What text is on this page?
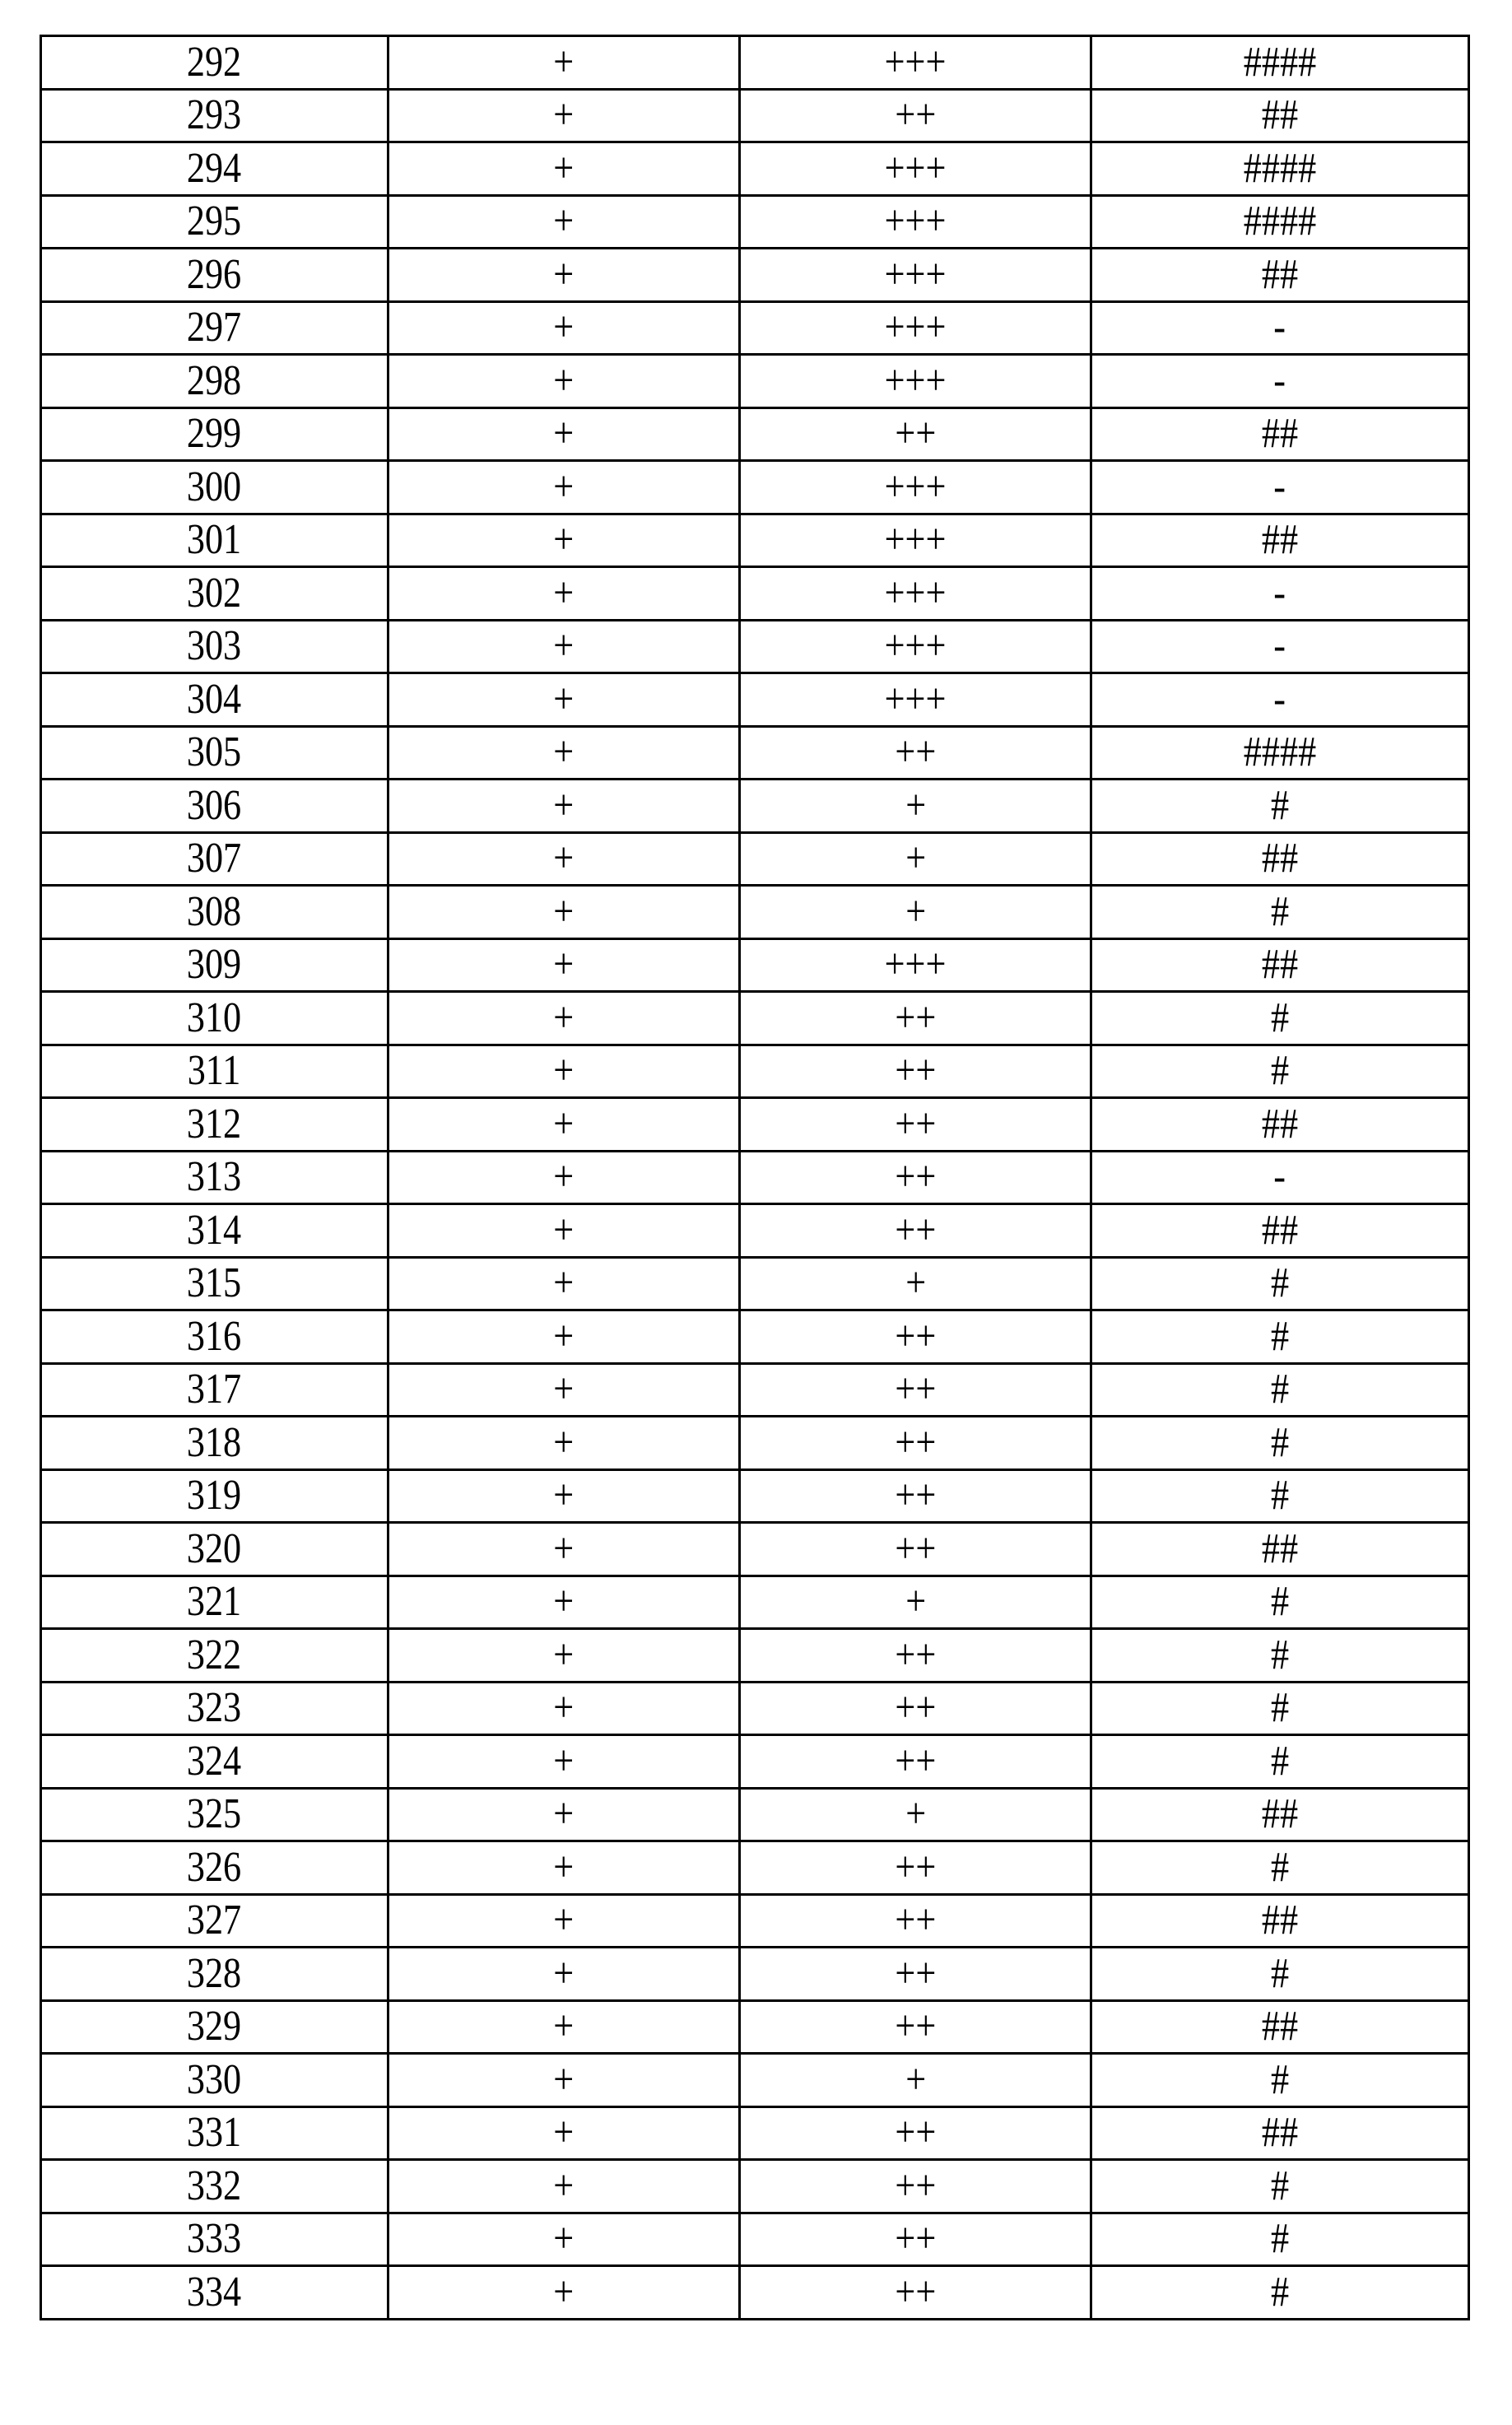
292	+	+++	####
293	+	++	##
294	+	+++	####
295	+	+++	####
296	+	+++	##
297	+	+++	-
298	+	+++	-
299	+	++	##
300	+	+++	-
301	+	+++	##
302	+	+++	-
303	+	+++	-
304	+	+++	-
305	+	++	####
306	+	+	#
307	+	+	##
308	+	+	#
309	+	+++	##
310	+	++	#
311	+	++	#
312	+	++	##
313	+	++	-
314	+	++	##
315	+	+	#
316	+	++	#
317	+	++	#
318	+	++	#
319	+	++	#
320	+	++	##
321	+	+	#
322	+	++	#
323	+	++	#
324	+	++	#
325	+	+	##
326	+	++	#
327	+	++	##
328	+	++	#
329	+	++	##
330	+	+	#
331	+	++	##
332	+	++	#
333	+	++	#
334	+	++	#
